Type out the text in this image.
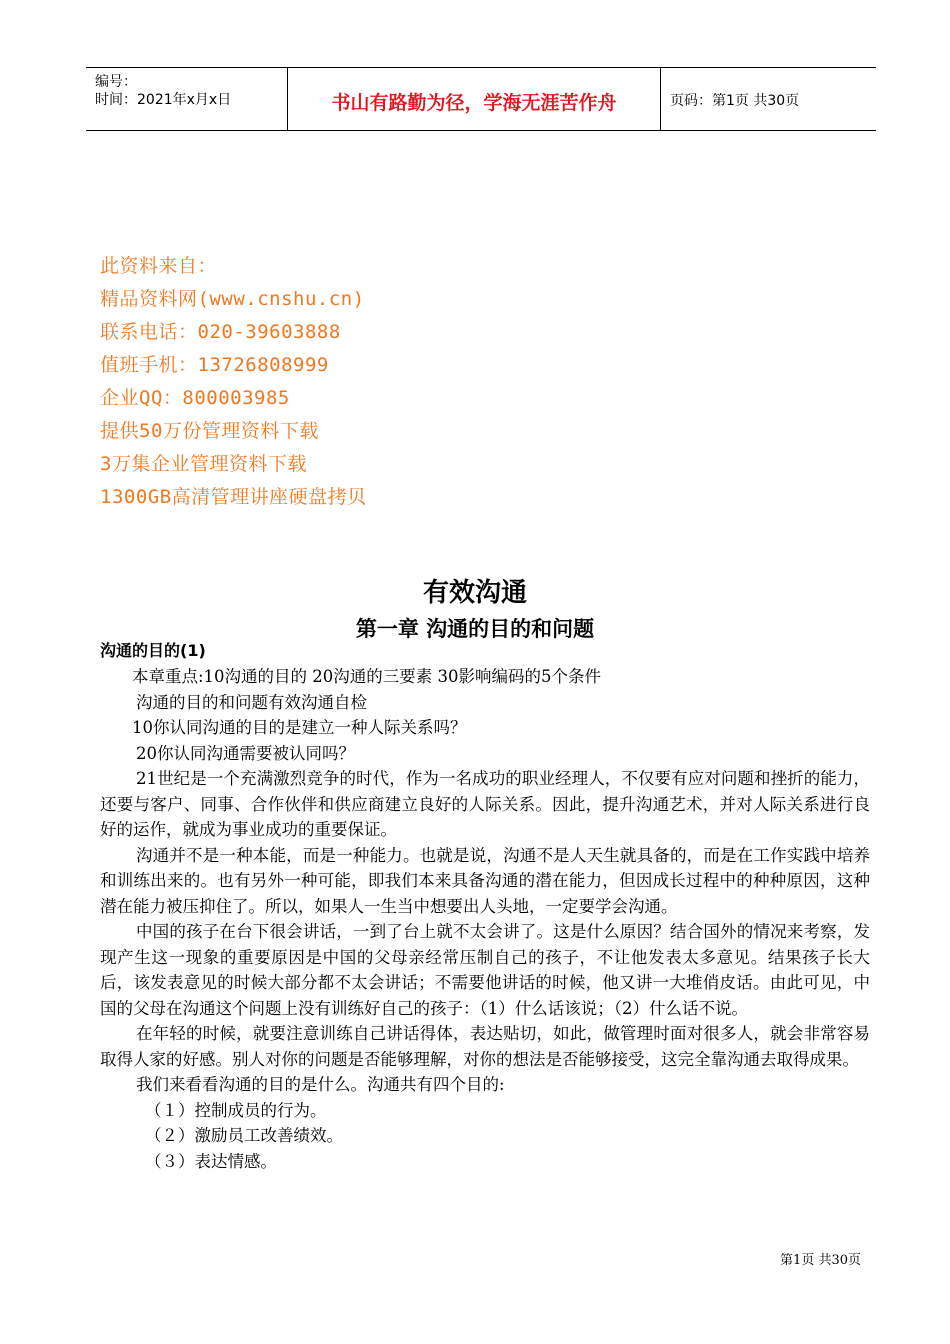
编号：
时间：2021年x月x日	书山有路勤为径，学海无涯苦作舟	页码：第1页 共30页
此资料来自：
精品资料网(www.cnshu.cn)
联系电话：020-39603888
值班手机：13726808999
企业QQ：800003985
提供50万份管理资料下载
3万集企业管理资料下载
1300GB高清管理讲座硬盘拷贝
有效沟通
第一章 沟通的目的和问题
沟通的目的(1)

本章重点:10沟通的目的 20沟通的三要素 30影响编码的5个条件

沟通的目的和问题有效沟通自检

10你认同沟通的目的是建立一种人际关系吗？

20你认同沟通需要被认同吗？

21世纪是一个充满激烈竞争的时代，作为一名成功的职业经理人，不仅要有应对问题和挫折的能力，还要与客户、同事、合作伙伴和供应商建立良好的人际关系。因此，提升沟通艺术，并对人际关系进行良好的运作，就成为事业成功的重要保证。

沟通并不是一种本能，而是一种能力。也就是说，沟通不是人天生就具备的，而是在工作实践中培养和训练出来的。也有另外一种可能，即我们本来具备沟通的潜在能力，但因成长过程中的种种原因，这种潜在能力被压抑住了。所以，如果人一生当中想要出人头地，一定要学会沟通。

中国的孩子在台下很会讲话，一到了台上就不太会讲了。这是什么原因？结合国外的情况来考察，发现产生这一现象的重要原因是中国的父母亲经常压制自己的孩子，不让他发表太多意见。结果孩子长大后，该发表意见的时候大部分都不太会讲话；不需要他讲话的时候，他又讲一大堆俏皮话。由此可见，中国的父母在沟通这个问题上没有训练好自己的孩子：（1）什么话该说；（2）什么话不说。

在年轻的时候，就要注意训练自己讲话得体，表达贴切，如此，做管理时面对很多人，就会非常容易取得人家的好感。别人对你的问题是否能够理解，对你的想法是否能够接受，这完全靠沟通去取得成果。

我们来看看沟通的目的是什么。沟通共有四个目的:

（１）控制成员的行为。

（２）激励员工改善绩效。

（３）表达情感。

第1页 共30页
